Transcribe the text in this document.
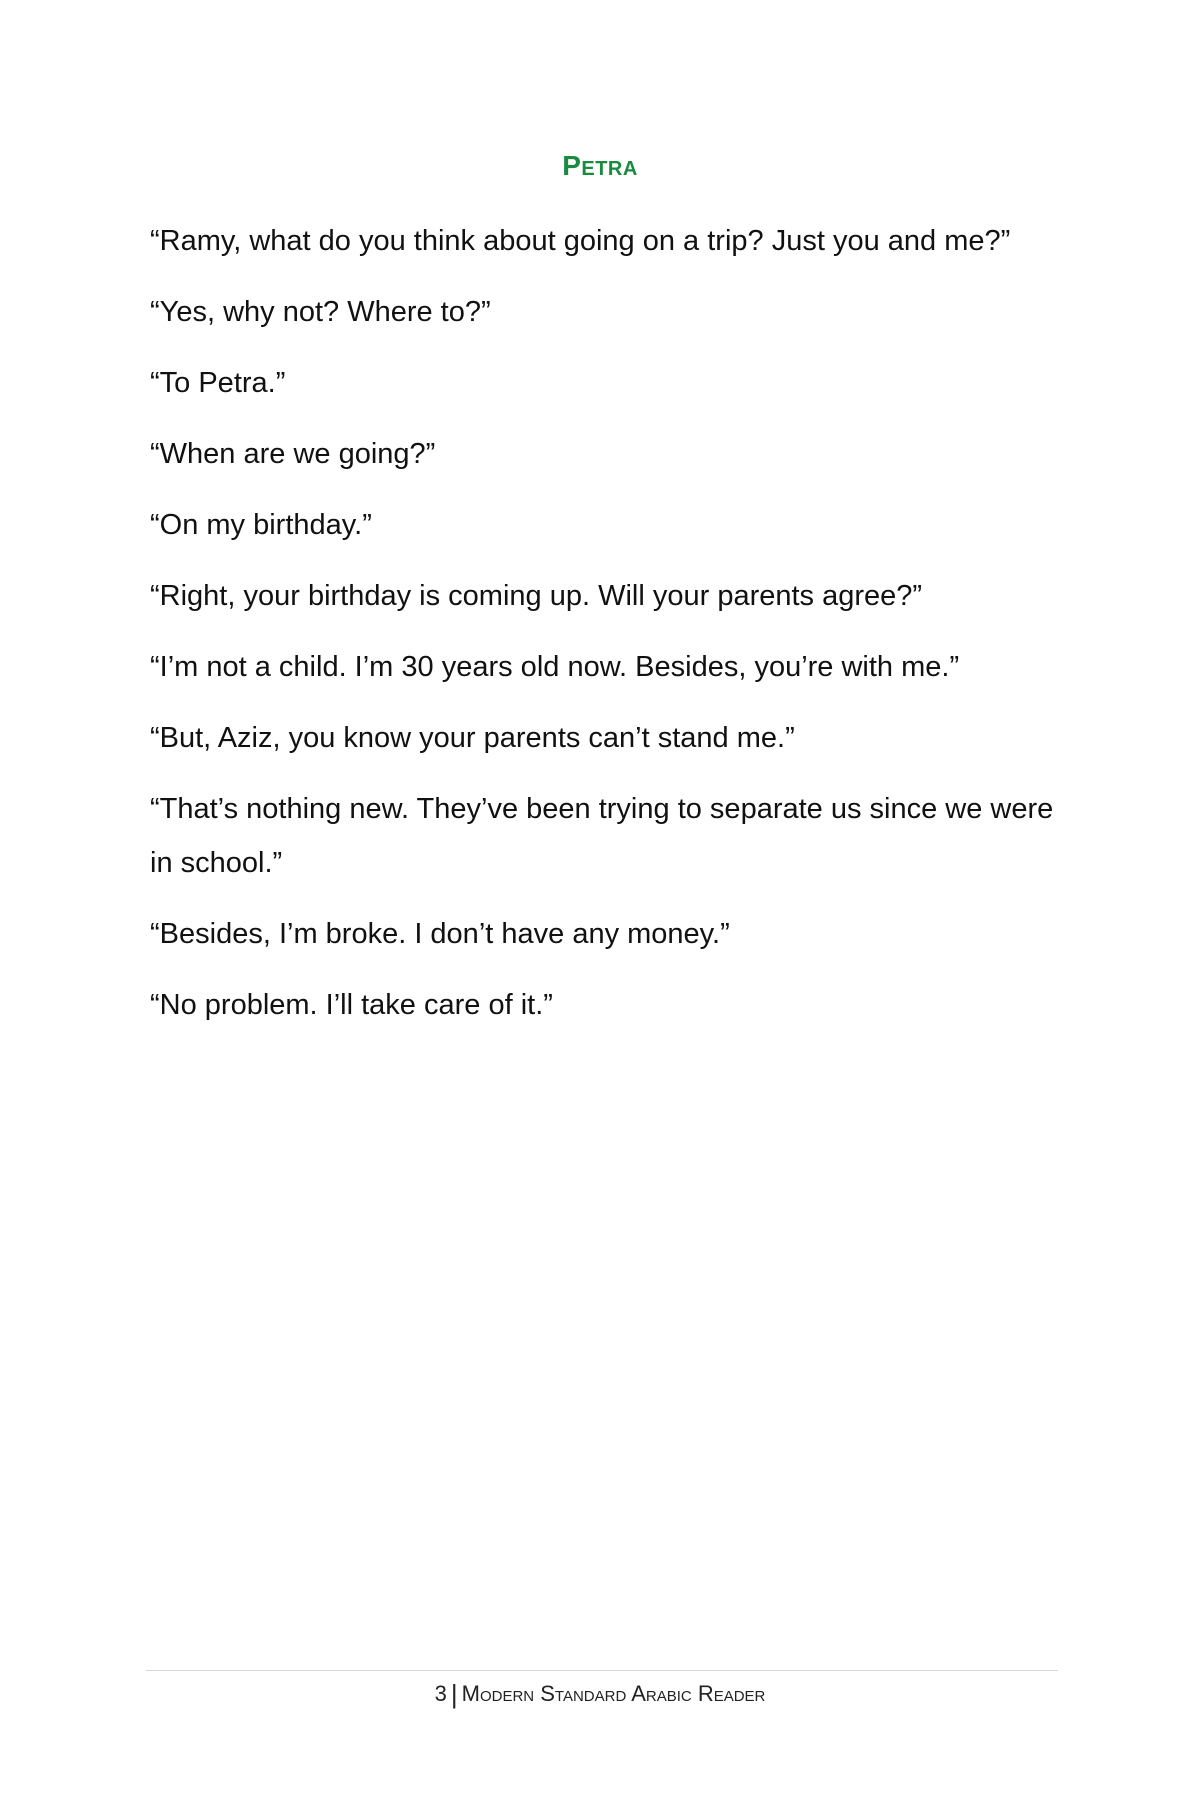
Petra

“Ramy, what do you think about going on a trip? Just you and me?”

“Yes, why not? Where to?”

“To Petra.”

“When are we going?”

“On my birthday.”

“Right, your birthday is coming up. Will your parents agree?”

“I’m not a child. I’m 30 years old now. Besides, you’re with me.”

“But, Aziz, you know your parents can’t stand me.”

“That’s nothing new. They’ve been trying to separate us since we were in school.”

“Besides, I’m broke. I don’t have any money.”

“No problem. I’ll take care of it.”

3 | Modern Standard Arabic Reader
